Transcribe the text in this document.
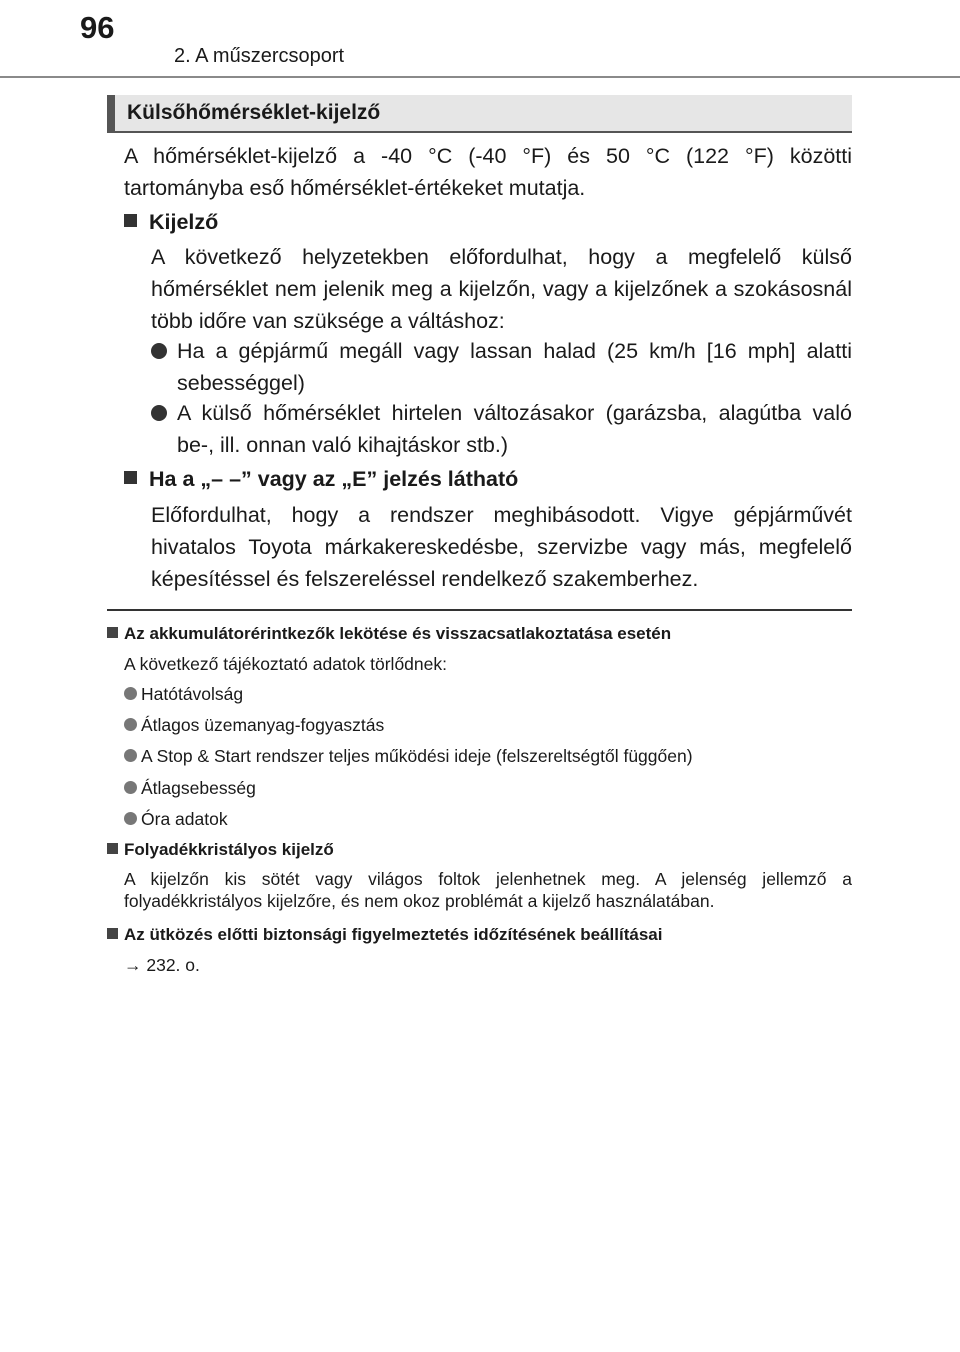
96
2. A műszercsoport
Külsőhőmérséklet-kijelző
A hőmérséklet-kijelző a -40 °C (-40 °F) és 50 °C (122 °F) közötti tartományba eső hőmérséklet-értékeket mutatja.
Kijelző
A következő helyzetekben előfordulhat, hogy a megfelelő külső hőmérséklet nem jelenik meg a kijelzőn, vagy a kijelzőnek a szokásosnál több időre van szüksége a váltáshoz:
Ha a gépjármű megáll vagy lassan halad (25 km/h [16 mph] alatti sebességgel)
A külső hőmérséklet hirtelen változásakor (garázsba, alagútba való be-, ill. onnan való kihajtáskor stb.)
Ha a „– –” vagy az „E” jelzés látható
Előfordulhat, hogy a rendszer meghibásodott. Vigye gépjárművét hivatalos Toyota márkakereskedésbe, szervizbe vagy más, megfelelő képesítéssel és felszereléssel rendelkező szakemberhez.
Az akkumulátorérintkezők lekötése és visszacsatlakoztatása esetén
A következő tájékoztató adatok törlődnek:
Hatótávolság
Átlagos üzemanyag-fogyasztás
A Stop & Start rendszer teljes működési ideje (felszereltségtől függően)
Átlagsebesség
Óra adatok
Folyadékkristályos kijelző
A kijelzőn kis sötét vagy világos foltok jelenhetnek meg. A jelenség jellemző a folyadékkristályos kijelzőre, és nem okoz problémát a kijelző használatában.
Az ütközés előtti biztonsági figyelmeztetés időzítésének beállításai
→ 232. o.
